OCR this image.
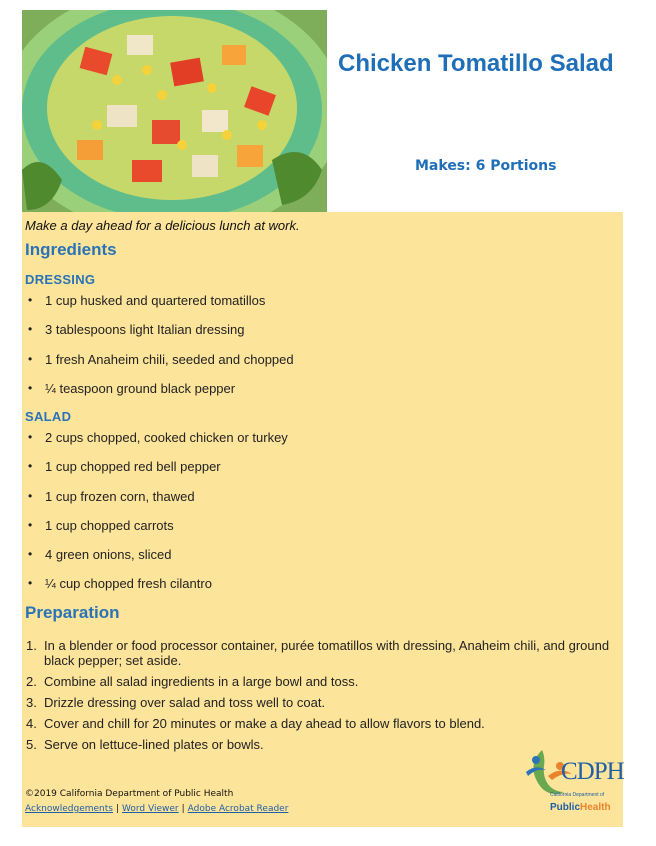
Chicken Tomatillo Salad

Makes: 6 Portions

Make a day ahead for a delicious lunch at work.

Ingredients
DRESSING
• 1 cup husked and quartered tomatillos
• 3 tablespoons light Italian dressing
• 1 fresh Anaheim chili, seeded and chopped
• ¼ teaspoon ground black pepper
SALAD
• 2 cups chopped, cooked chicken or turkey
• 1 cup chopped red bell pepper
• 1 cup frozen corn, thawed
• 1 cup chopped carrots
• 4 green onions, sliced
• ¼ cup chopped fresh cilantro
Preparation
1. In a blender or food processor container, purée tomatillos with dressing, Anaheim chili, and ground black pepper; set aside.
2. Combine all salad ingredients in a large bowl and toss.
3. Drizzle dressing over salad and toss well to coat.
4. Cover and chill for 20 minutes or make a day ahead to allow flavors to blend.
5. Serve on lettuce-lined plates or bowls.

©2019 California Department of Public Health

Acknowledgements | Word Viewer | Adobe Acrobat Reader

CDPH
California Department of
PublicHealth
